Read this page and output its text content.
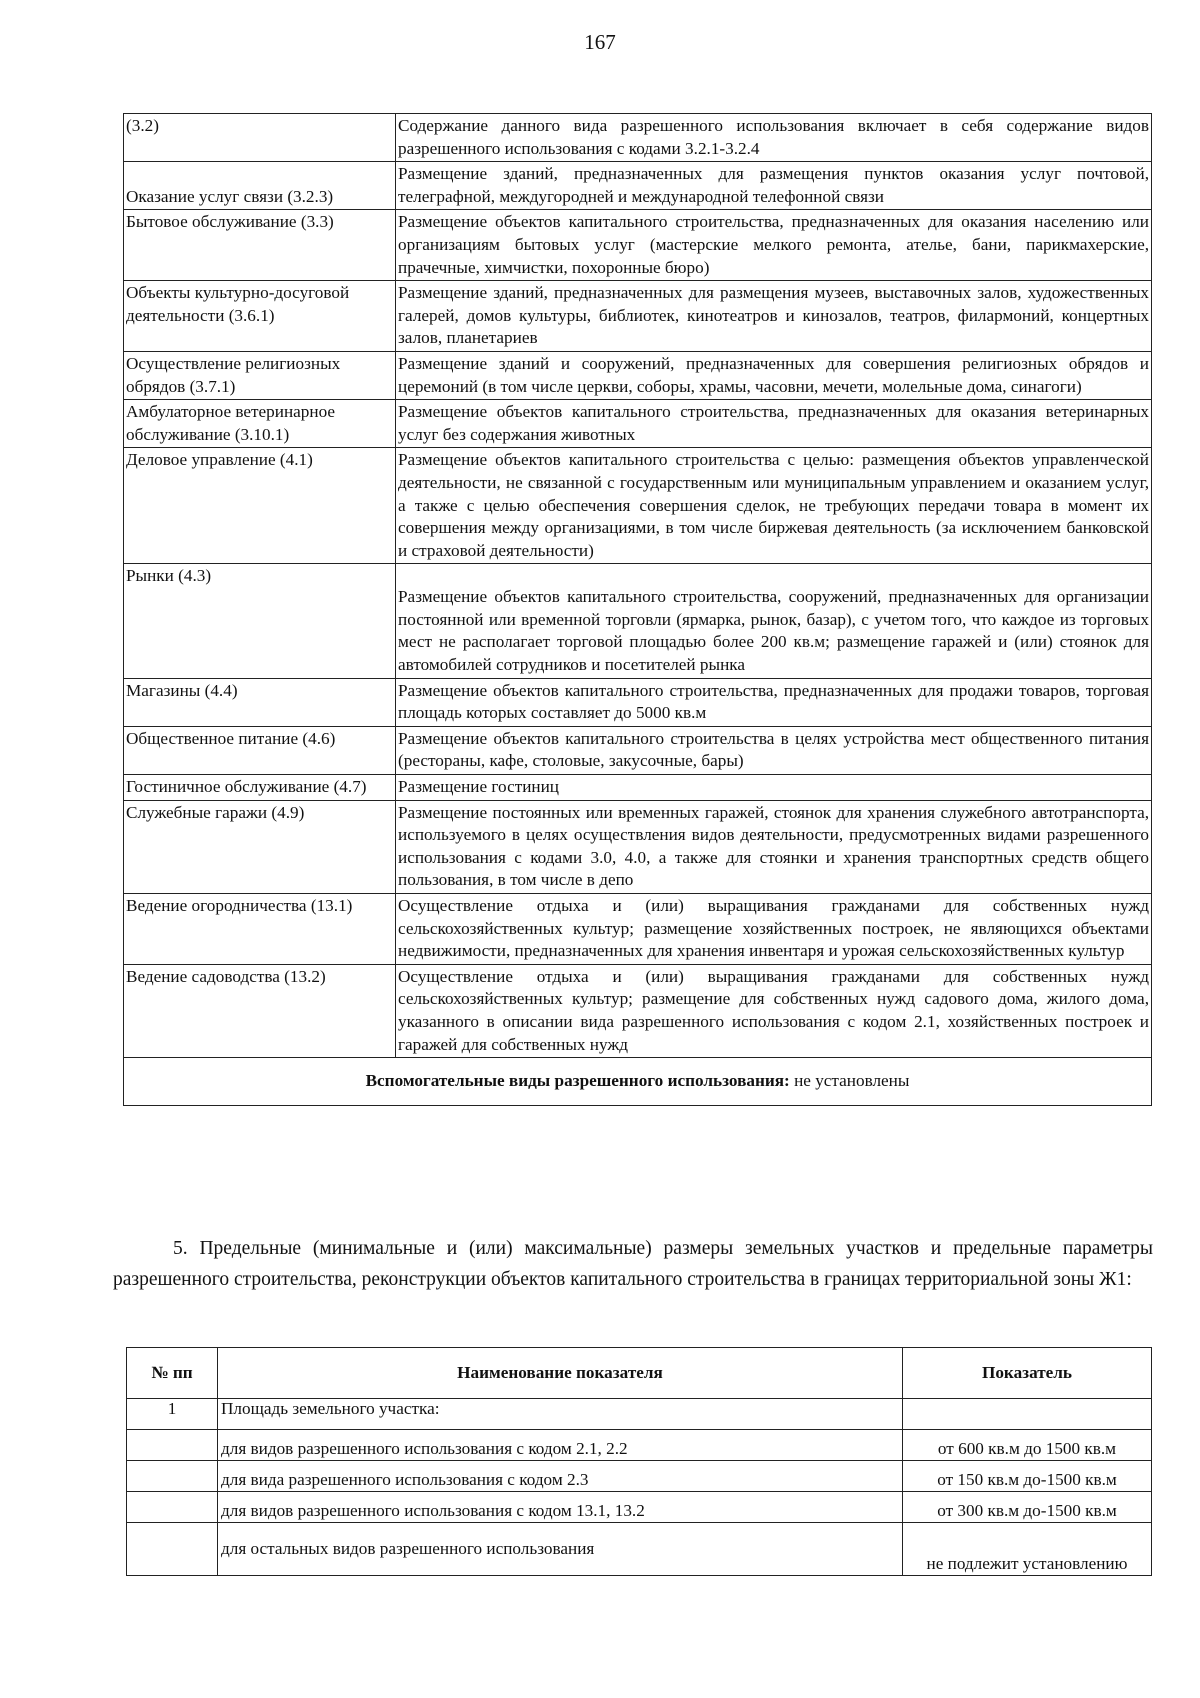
167
(3.2)	Содержание данного вида разрешенного использования включает в себя содержание видов разрешенного использования с кодами 3.2.1-3.2.4
Оказание услуг связи (3.2.3)	Размещение зданий, предназначенных для размещения пунктов оказания услуг почтовой, телеграфной, междугородней и международной телефонной связи
Бытовое обслуживание (3.3)	Размещение объектов капитального строительства, предназначенных для оказания населению или организациям бытовых услуг (мастерские мелкого ремонта, ателье, бани, парикмахерские, прачечные, химчистки, похоронные бюро)
Объекты культурно-досуговой деятельности (3.6.1)	Размещение зданий, предназначенных для размещения музеев, выставочных залов, художественных галерей, домов культуры, библиотек, кинотеатров и кинозалов, театров, филармоний, концертных залов, планетариев
Осуществление религиозных обрядов (3.7.1)	Размещение зданий и сооружений, предназначенных для совершения религиозных обрядов и церемоний (в том числе церкви, соборы, храмы, часовни, мечети, молельные дома, синагоги)
Амбулаторное ветеринарное обслуживание (3.10.1)	Размещение объектов капитального строительства, предназначенных для оказания ветеринарных услуг без содержания животных
Деловое управление (4.1)	Размещение объектов капитального строительства с целью: размещения объектов управленческой деятельности, не связанной с государственным или муниципальным управлением и оказанием услуг, а также с целью обеспечения совершения сделок, не требующих передачи товара в момент их совершения между организациями, в том числе биржевая деятельность (за исключением банковской и страховой деятельности)
Рынки (4.3)	Размещение объектов капитального строительства, сооружений, предназначенных для организации постоянной или временной торговли (ярмарка, рынок, базар), с учетом того, что каждое из торговых мест не располагает торговой площадью более 200 кв.м; размещение гаражей и (или) стоянок для автомобилей сотрудников и посетителей рынка
Магазины (4.4)	Размещение объектов капитального строительства, предназначенных для продажи товаров, торговая площадь которых составляет до 5000 кв.м
Общественное питание (4.6)	Размещение объектов капитального строительства в целях устройства мест общественного питания (рестораны, кафе, столовые, закусочные, бары)
Гостиничное обслуживание (4.7)	Размещение гостиниц
Служебные гаражи (4.9)	Размещение постоянных или временных гаражей, стоянок для хранения служебного автотранспорта, используемого в целях осуществления видов деятельности, предусмотренных видами разрешенного использования с кодами 3.0, 4.0, а также для стоянки и хранения транспортных средств общего пользования, в том числе в депо
Ведение огородничества (13.1)	Осуществление отдыха и (или) выращивания гражданами для собственных нужд сельскохозяйственных культур; размещение хозяйственных построек, не являющихся объектами недвижимости, предназначенных для хранения инвентаря и урожая сельскохозяйственных культур
Ведение садоводства (13.2)	Осуществление отдыха и (или) выращивания гражданами для собственных нужд сельскохозяйственных культур; размещение для собственных нужд садового дома, жилого дома, указанного в описании вида разрешенного использования с кодом 2.1, хозяйственных построек и гаражей для собственных нужд
Вспомогательные виды разрешенного использования: не установлены	
5. Предельные (минимальные и (или) максимальные) размеры земельных участков и предельные параметры разрешенного строительства, реконструкции объектов капитального строительства в границах территориальной зоны Ж1:
№ пп	Наименование показателя	Показатель
1	Площадь земельного участка:	
	для видов разрешенного использования с кодом 2.1, 2.2	от 600 кв.м до 1500 кв.м
	для вида разрешенного использования с кодом 2.3	от 150 кв.м до-1500 кв.м
	для видов разрешенного использования с кодом 13.1, 13.2	от 300 кв.м до-1500 кв.м
	для остальных видов разрешенного использования	не подлежит установлению
